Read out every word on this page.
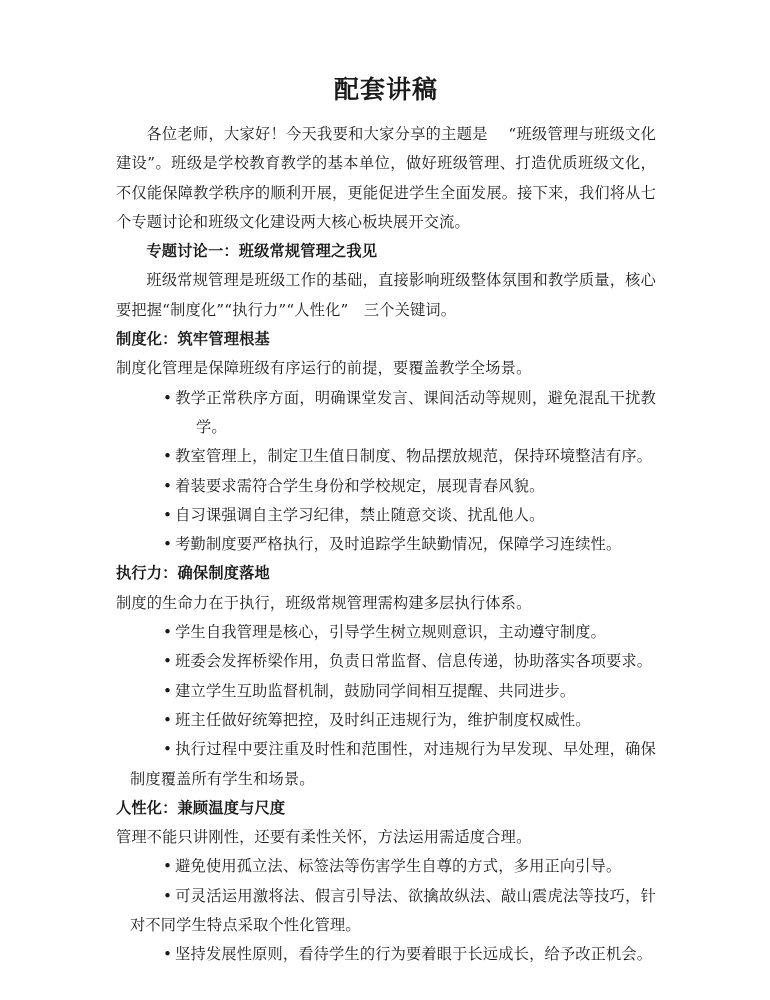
配套讲稿

各位老师，大家好！今天我要和大家分享的主题是 　“班级管理与班级文化建设”。班级是学校教育教学的基本单位，做好班级管理、打造优质班级文化，不仅能保障教学秩序的顺利开展，更能促进学生全面发展。接下来，我们将从七个专题讨论和班级文化建设两大核心板块展开交流。

专题讨论一：班级常规管理之我见

班级常规管理是班级工作的基础，直接影响班级整体氛围和教学质量，核心要把握“制度化”“执行力”“人性化”　三个关键词。

制度化：筑牢管理根基

制度化管理是保障班级有序运行的前提，要覆盖教学全场景。

• 教学正常秩序方面，明确课堂发言、课间活动等规则，避免混乱干扰教学。
• 教室管理上，制定卫生值日制度、物品摆放规范，保持环境整洁有序。
• 着装要求需符合学生身份和学校规定，展现青春风貌。
• 自习课强调自主学习纪律，禁止随意交谈、扰乱他人。
• 考勤制度要严格执行，及时追踪学生缺勤情况，保障学习连续性。

执行力：确保制度落地

制度的生命力在于执行，班级常规管理需构建多层执行体系。

• 学生自我管理是核心，引导学生树立规则意识，主动遵守制度。
• 班委会发挥桥梁作用，负责日常监督、信息传递，协助落实各项要求。
• 建立学生互助监督机制，鼓励同学间相互提醒、共同进步。
• 班主任做好统筹把控，及时纠正违规行为，维护制度权威性。
• 执行过程中要注重及时性和范围性，对违规行为早发现、早处理，确保制度覆盖所有学生和场景。

人性化：兼顾温度与尺度

管理不能只讲刚性，还要有柔性关怀，方法运用需适度合理。

• 避免使用孤立法、标签法等伤害学生自尊的方式，多用正向引导。
• 可灵活运用激将法、假言引导法、欲擒故纵法、敲山震虎法等技巧，针对不同学生特点采取个性化管理。
• 坚持发展性原则，看待学生的行为要着眼于长远成长，给予改正机会。
